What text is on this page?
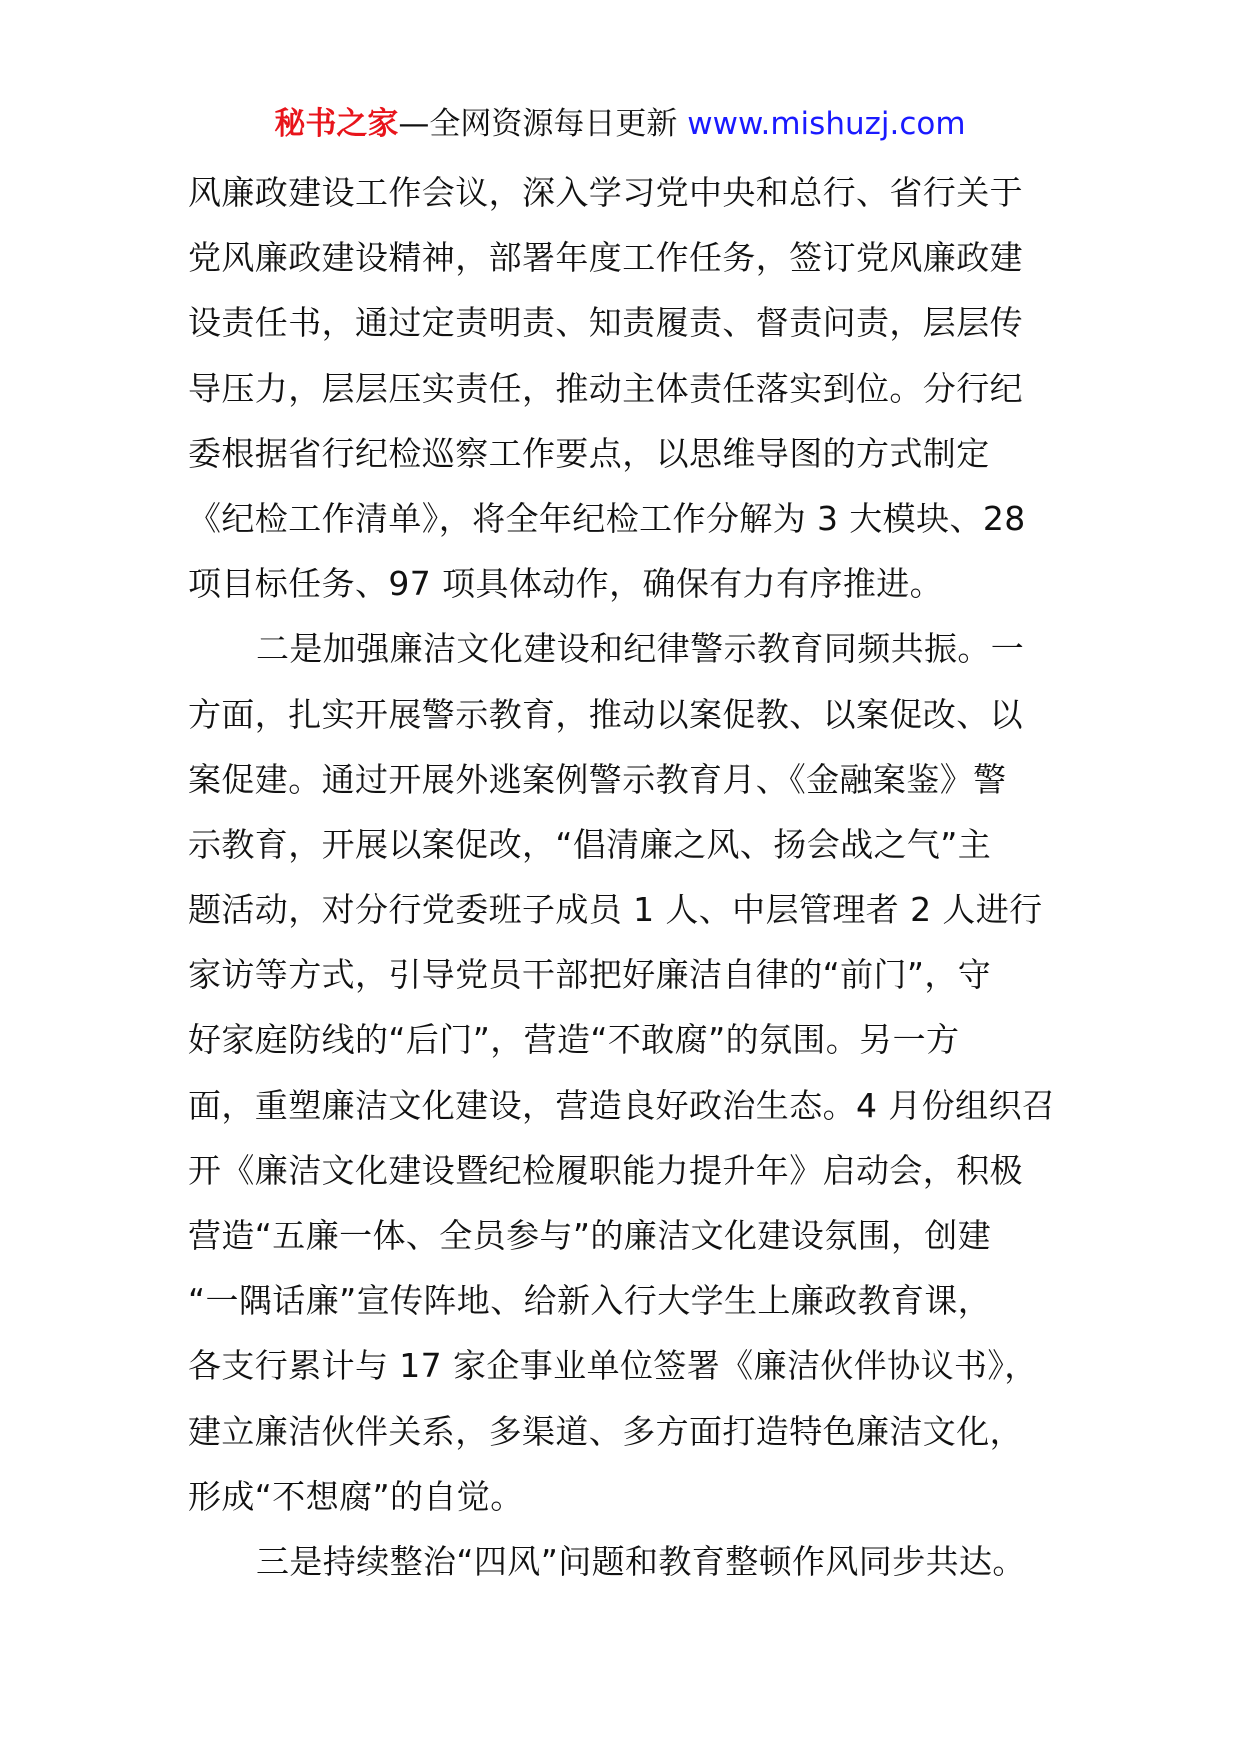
秘书之家—全网资源每日更新 www.mishuzj.com
风廉政建设工作会议，深入学习党中央和总行、省行关于
党风廉政建设精神，部署年度工作任务，签订党风廉政建
设责任书，通过定责明责、知责履责、督责问责，层层传
导压力，层层压实责任，推动主体责任落实到位。分行纪
委根据省行纪检巡察工作要点，以思维导图的方式制定
《纪检工作清单》，将全年纪检工作分解为 3 大模块、28
项目标任务、97 项具体动作，确保有力有序推进。
二是加强廉洁文化建设和纪律警示教育同频共振。一
方面，扎实开展警示教育，推动以案促教、以案促改、以
案促建。通过开展外逃案例警示教育月、《金融案鉴》警
示教育，开展以案促改，“倡清廉之风、扬会战之气”主
题活动，对分行党委班子成员 1 人、中层管理者 2 人进行
家访等方式，引导党员干部把好廉洁自律的“前门”，守
好家庭防线的“后门”，营造“不敢腐”的氛围。另一方
面，重塑廉洁文化建设，营造良好政治生态。4 月份组织召
开《廉洁文化建设暨纪检履职能力提升年》启动会，积极
营造“五廉一体、全员参与”的廉洁文化建设氛围，创建
“一隅话廉”宣传阵地、给新入行大学生上廉政教育课，
各支行累计与 17 家企事业单位签署《廉洁伙伴协议书》，
建立廉洁伙伴关系，多渠道、多方面打造特色廉洁文化，
形成“不想腐”的自觉。
三是持续整治“四风”问题和教育整顿作风同步共达。
